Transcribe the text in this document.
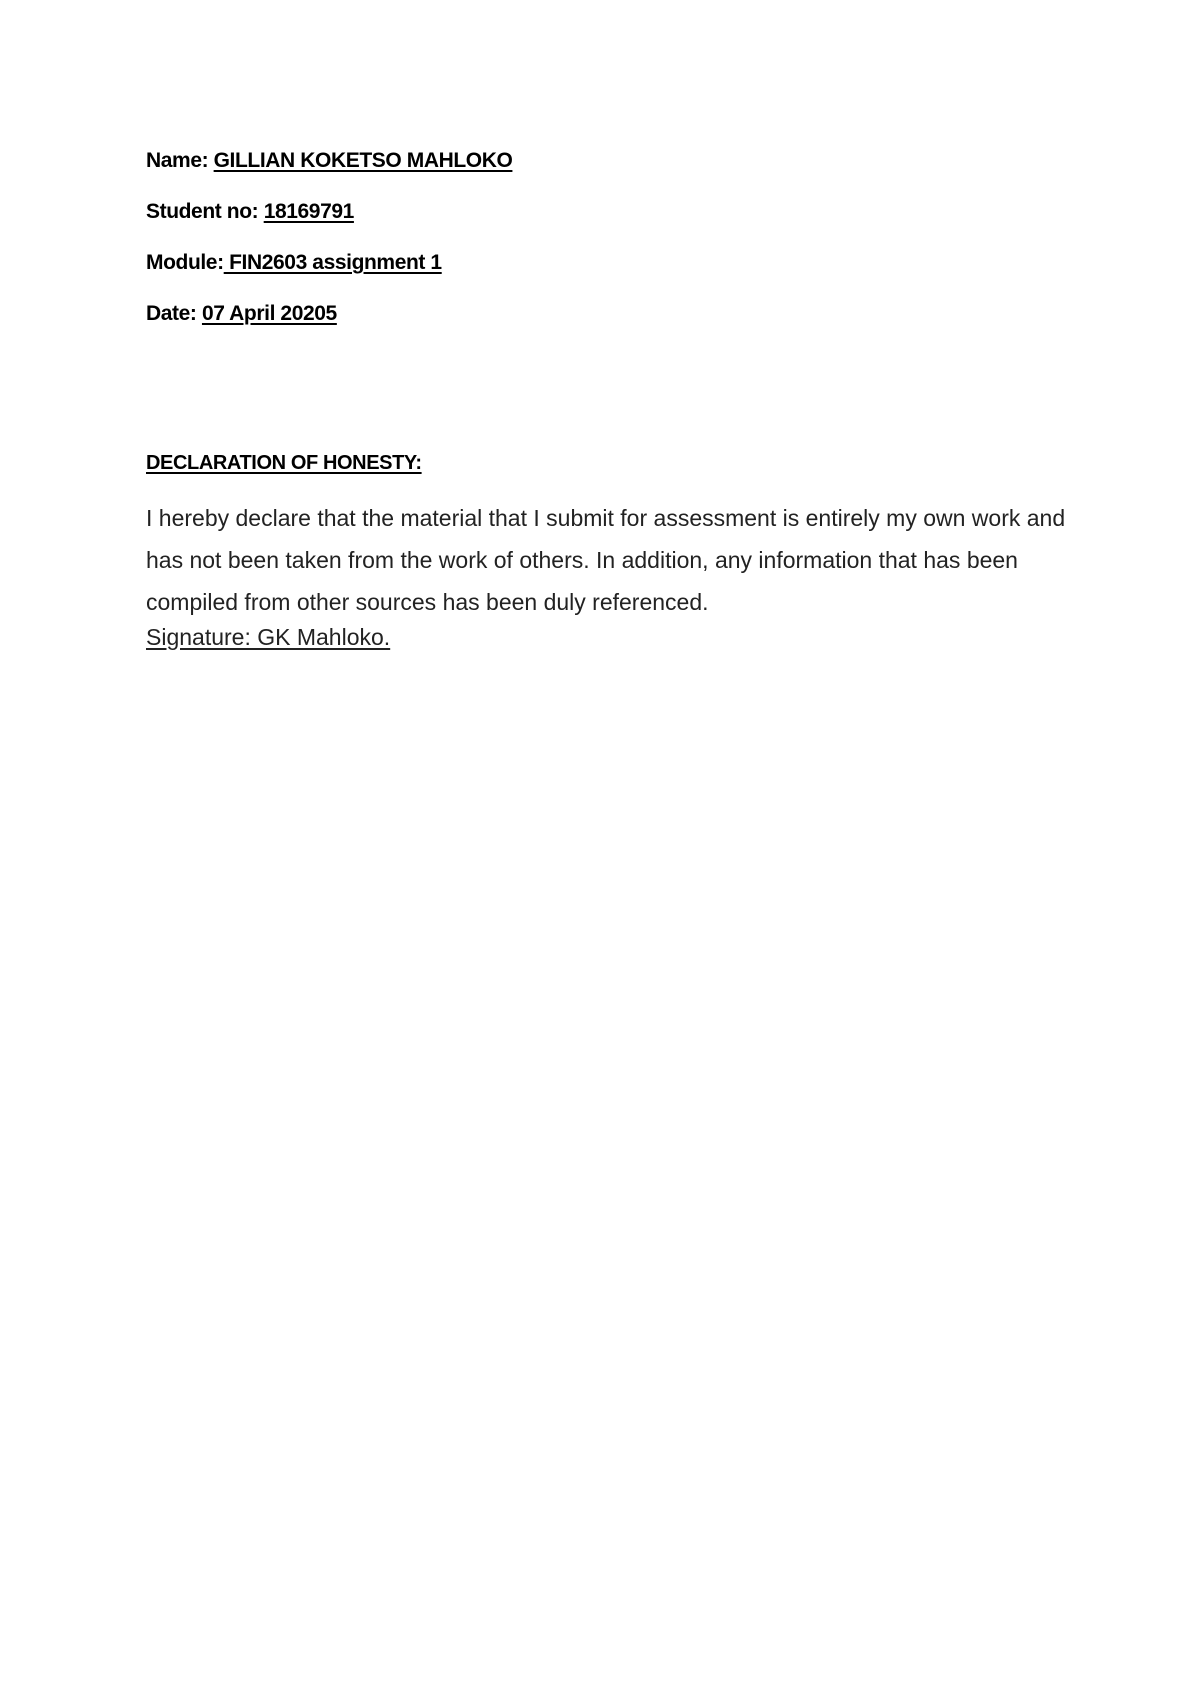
Name: GILLIAN KOKETSO MAHLOKO
Student no: 18169791
Module: FIN2603 assignment 1
Date: 07 April 20205
DECLARATION OF HONESTY:
I hereby declare that the material that I submit for assessment is entirely my own work and has not been taken from the work of others. In addition, any information that has been compiled from other sources has been duly referenced.
Signature: GK Mahloko.
